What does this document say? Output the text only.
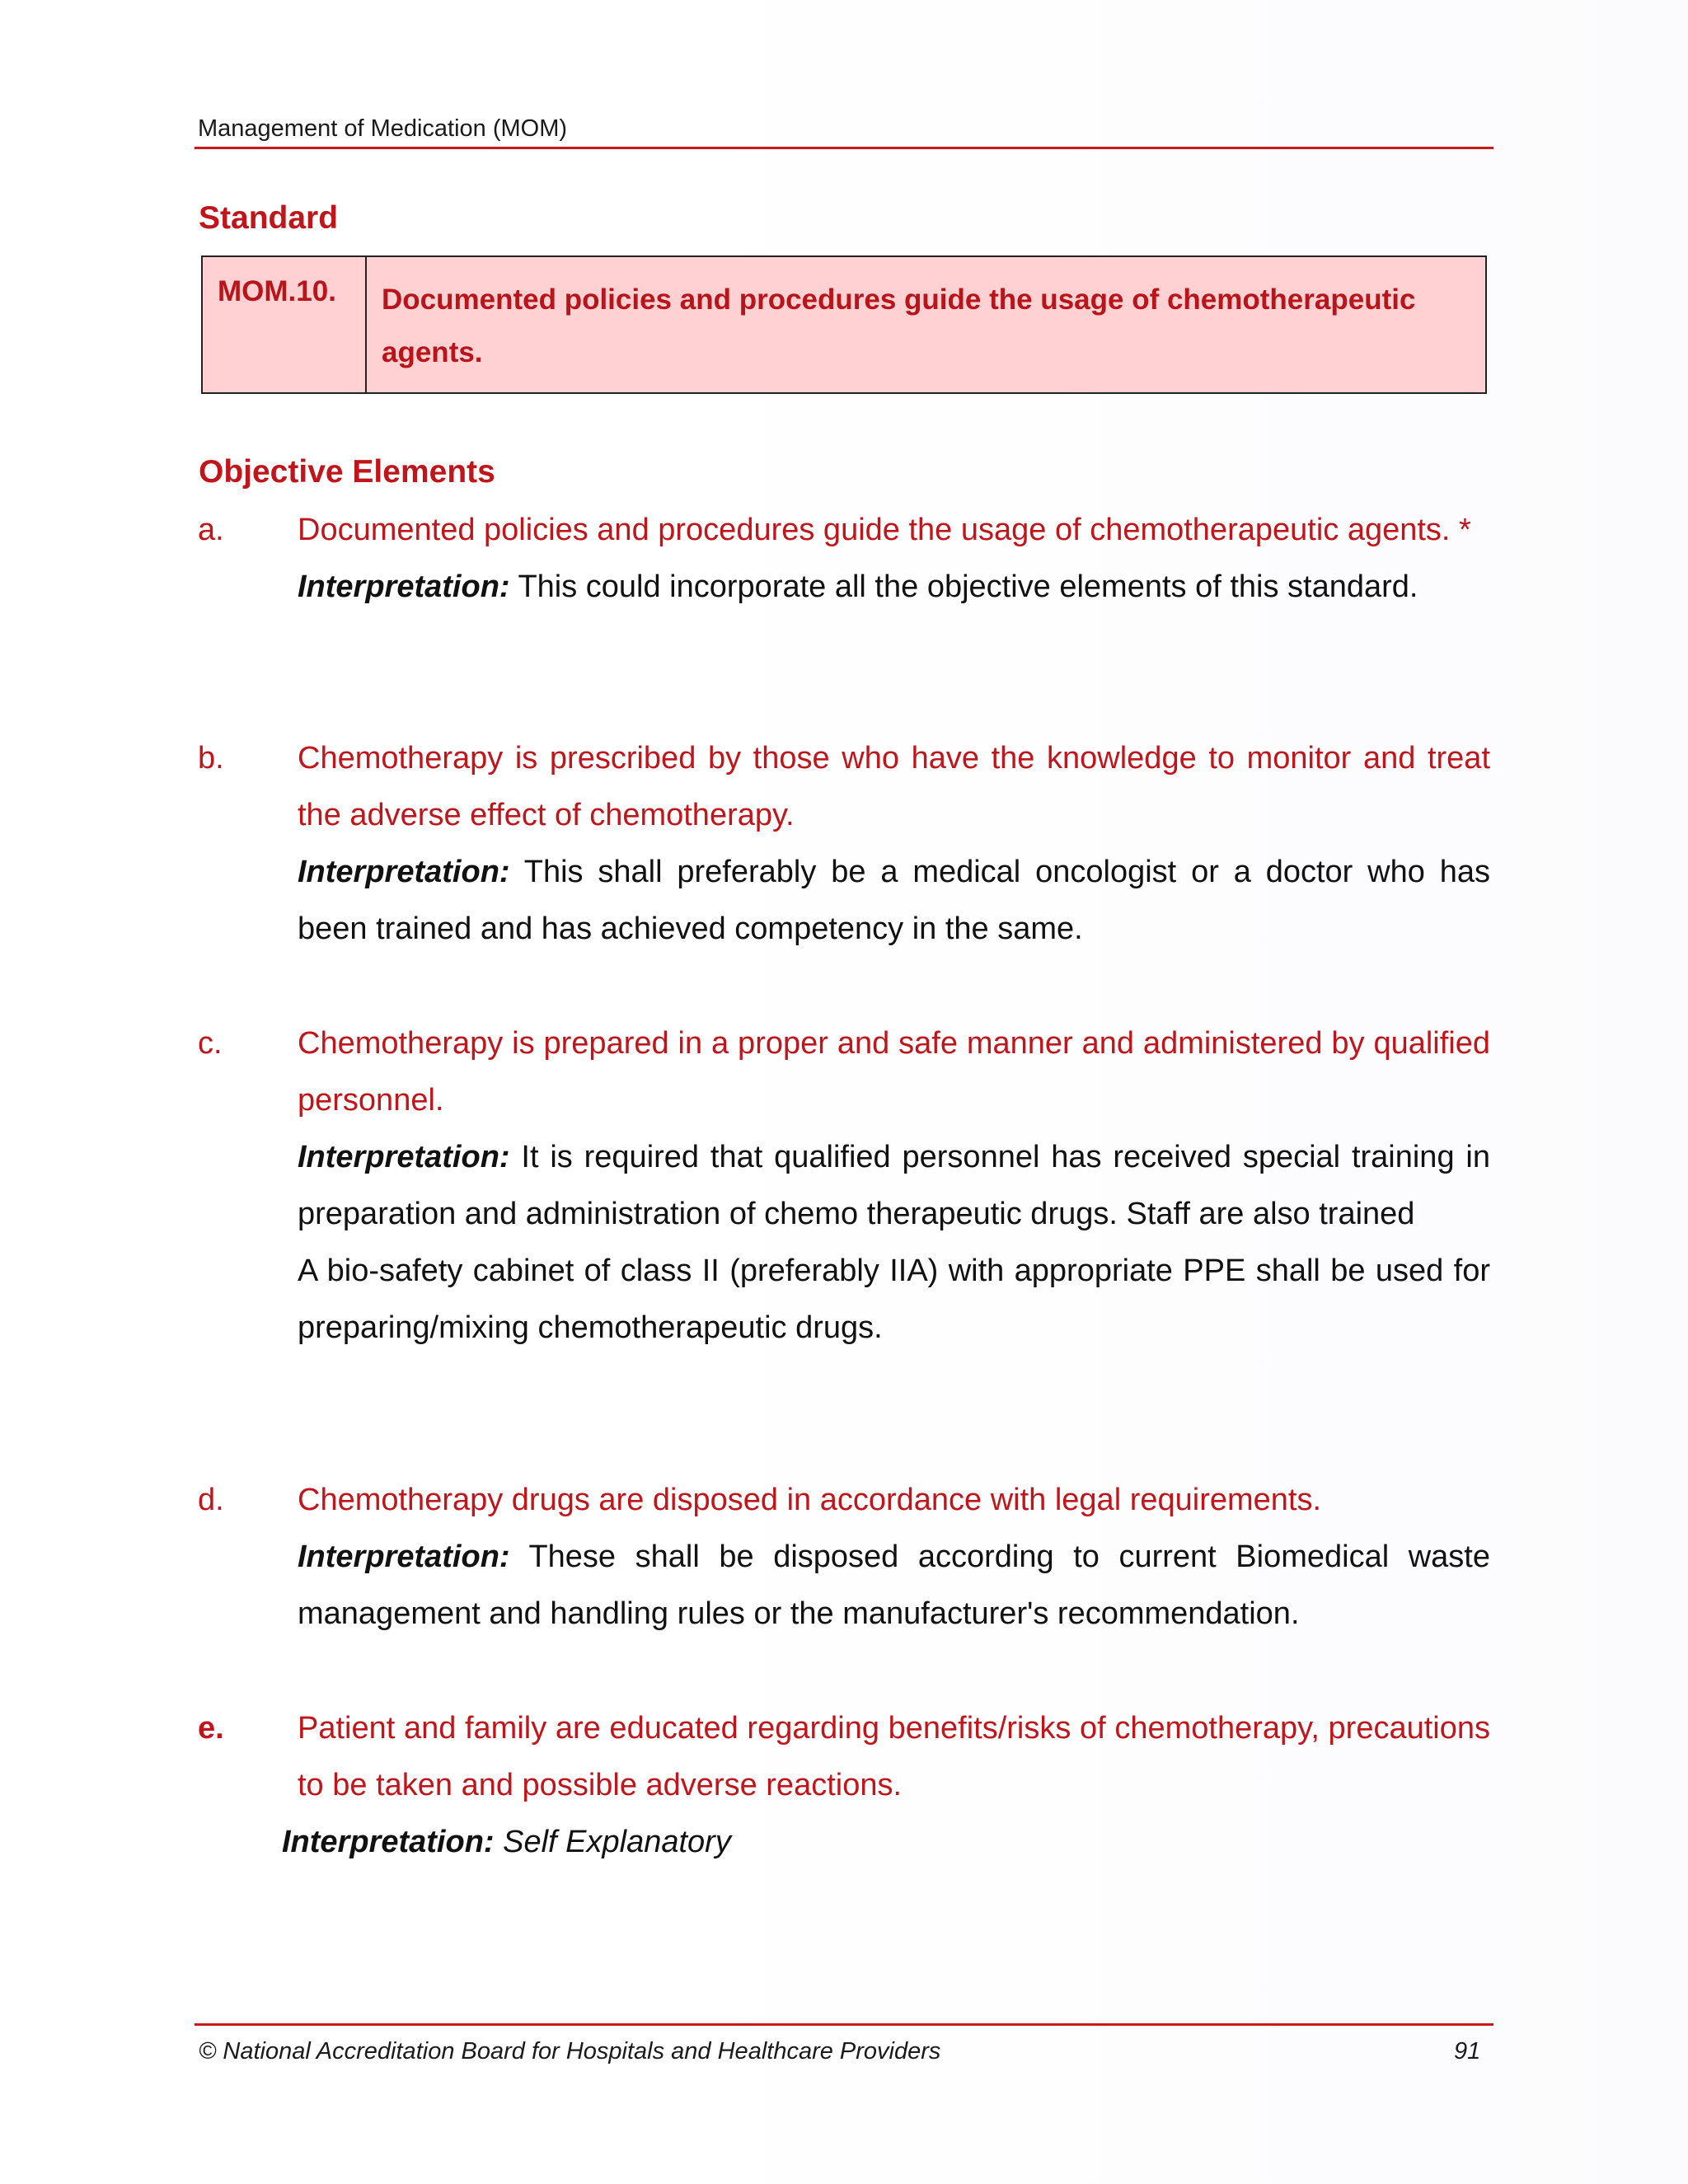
Management of Medication (MOM)
Standard
MOM.10.	Documented policies and procedures guide the usage of chemotherapeutic agents.
Objective Elements
a. Documented policies and procedures guide the usage of chemotherapeutic agents. *
Interpretation: This could incorporate all the objective elements of this standard.
b. Chemotherapy is prescribed by those who have the knowledge to monitor and treat the adverse effect of chemotherapy.
Interpretation: This shall preferably be a medical oncologist or a doctor who has been trained and has achieved competency in the same.
c. Chemotherapy is prepared in a proper and safe manner and administered by qualified personnel.
Interpretation: It is required that qualified personnel has received special training in preparation and administration of chemo therapeutic drugs. Staff are also trained
A bio-safety cabinet of class II (preferably IIA) with appropriate PPE shall be used for preparing/mixing chemotherapeutic drugs.
d. Chemotherapy drugs are disposed in accordance with legal requirements.
Interpretation: These shall be disposed according to current Biomedical waste management and handling rules or the manufacturer's recommendation.
e. Patient and family are educated regarding benefits/risks of chemotherapy, precautions to be taken and possible adverse reactions.
Interpretation: Self Explanatory
© National Accreditation Board for Hospitals and Healthcare Providers	91
